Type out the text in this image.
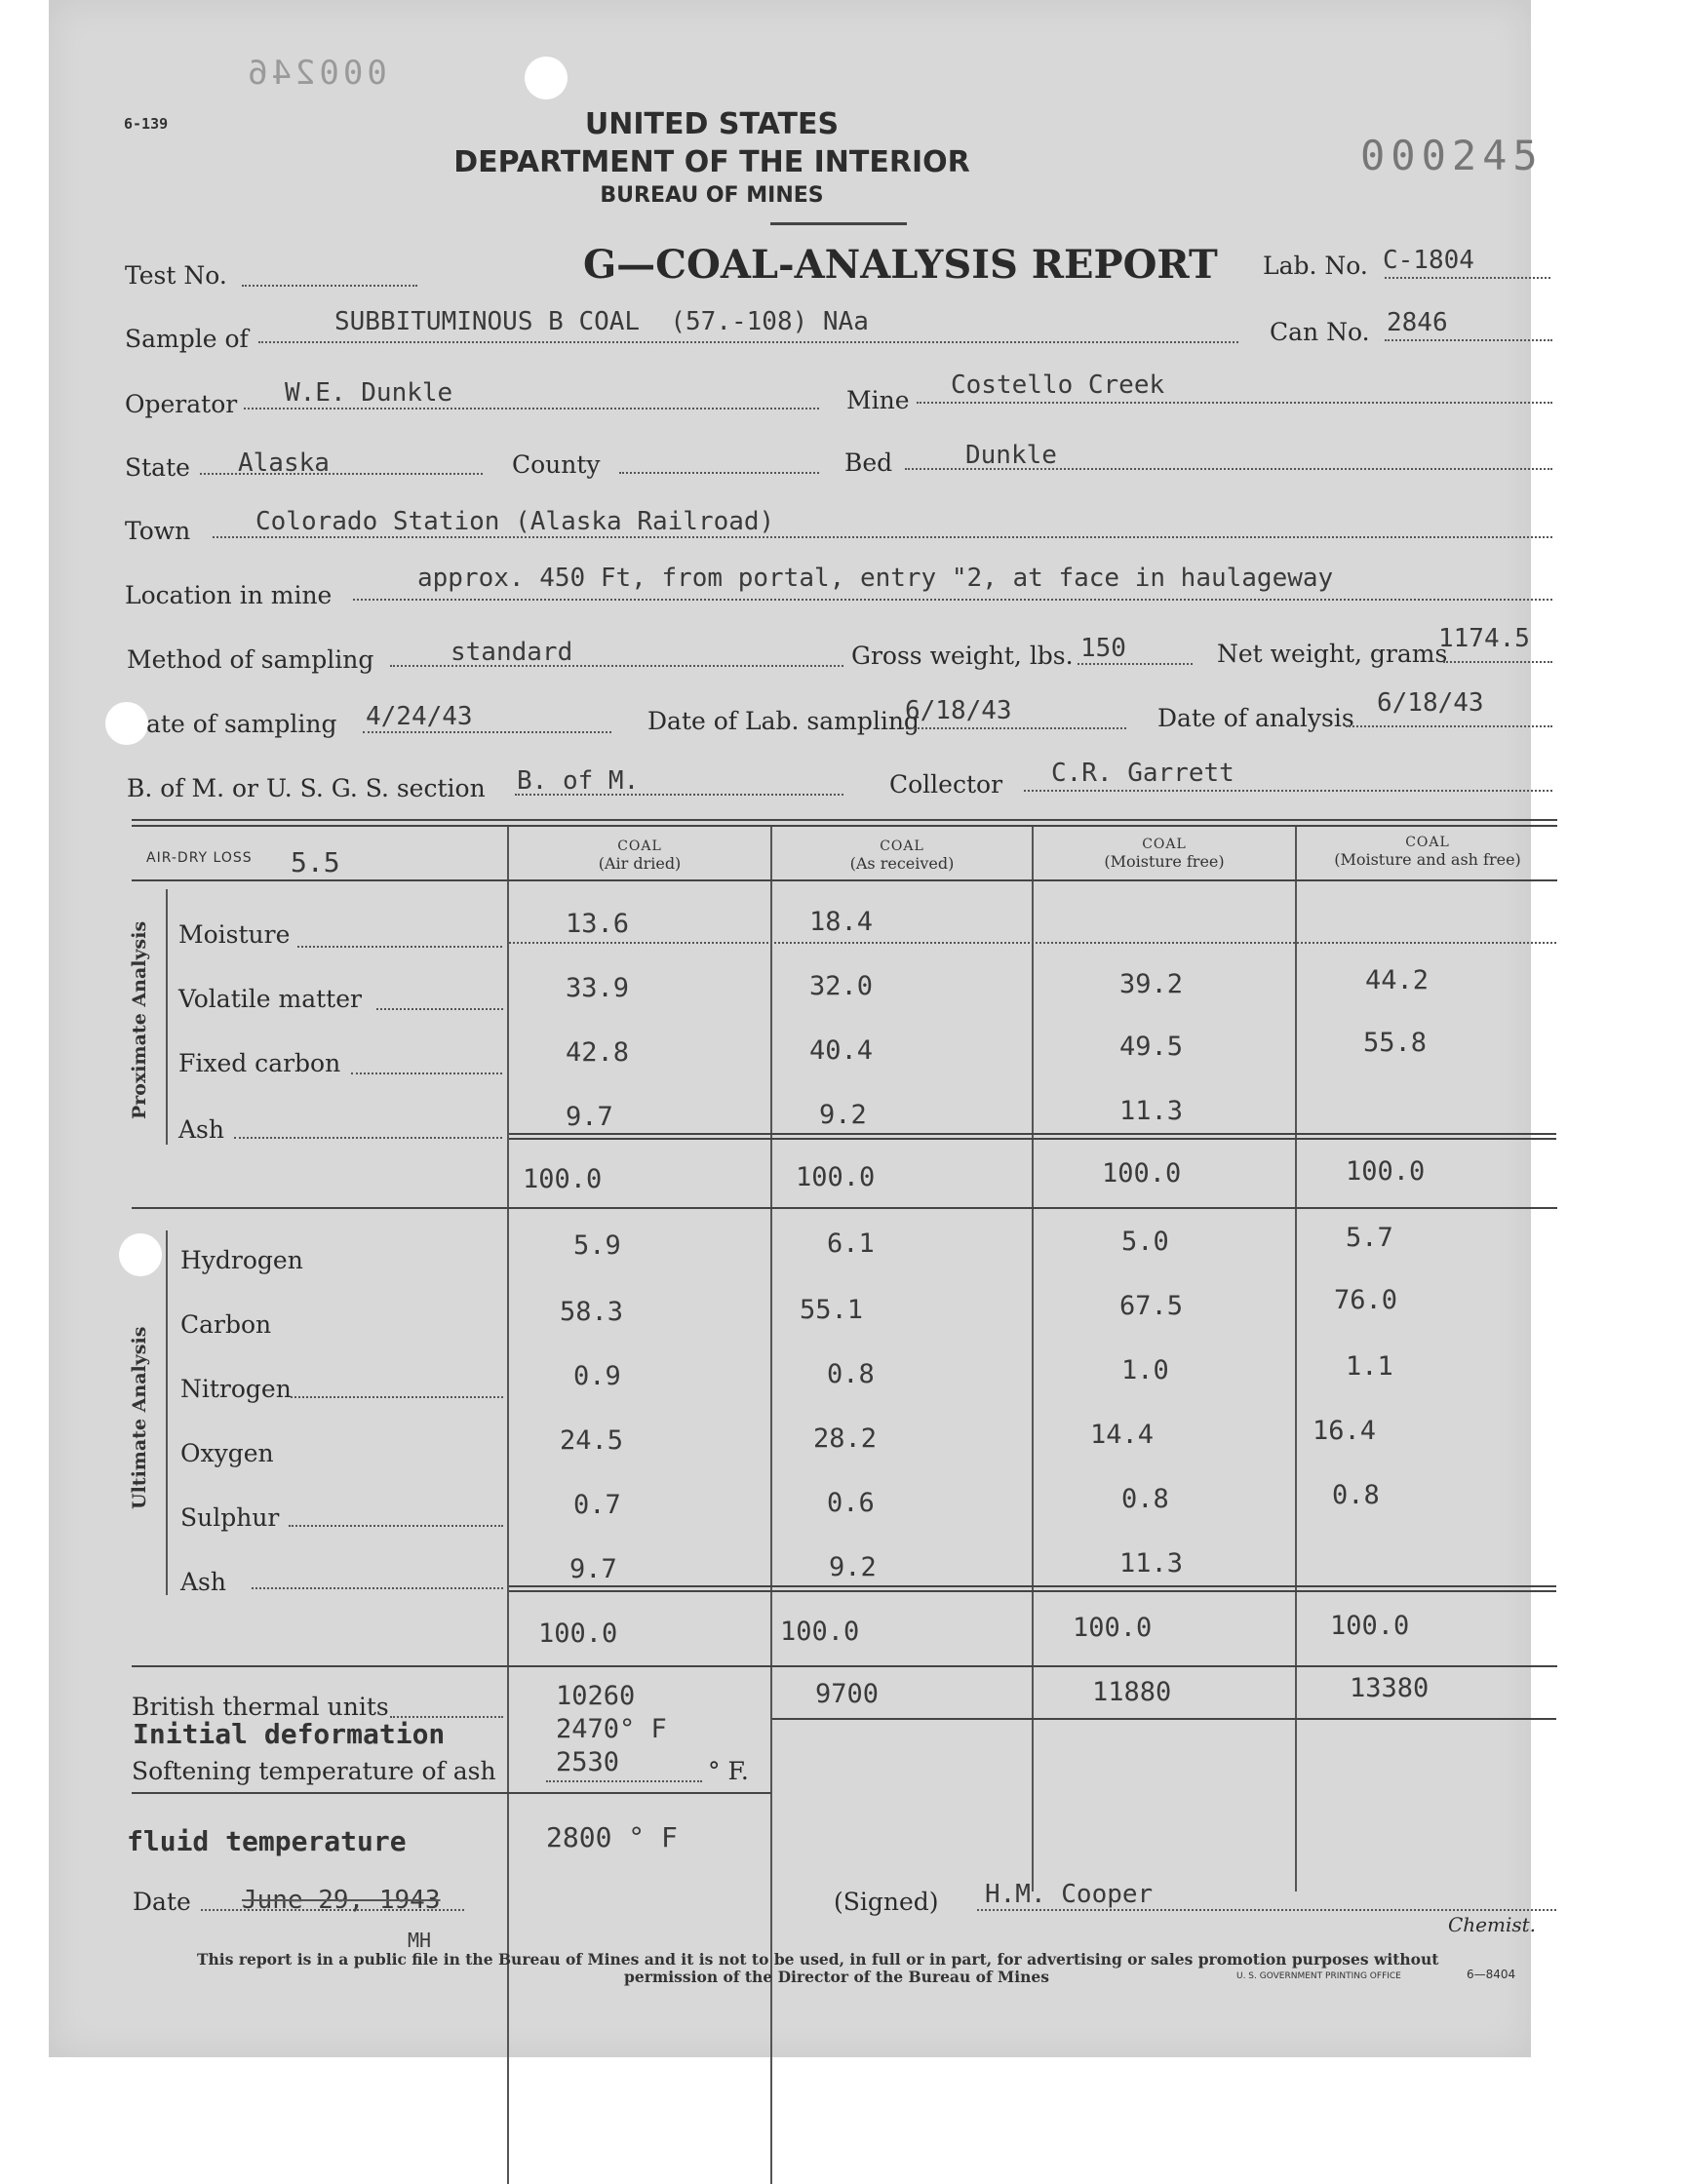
6-139
000246
000245
UNITED STATES
DEPARTMENT OF THE INTERIOR
BUREAU OF MINES
G—COAL-ANALYSIS REPORT
Test No.	Lab. No. C-1804
Sample of
SUBBITUMINOUS B COAL  (57.-108) NAa	Can No. 2846
Operator W.E. Dunkle	Mine
Costello Creek
State Alaska	County	Bed	Dunkle
Town	Colorado Station (Alaska Railroad)
Location in mine
approx. 450 Ft, from portal, entry "2, at face in haulageway
Method of sampling	standard	Gross weight, lbs. 150	Net weight, grams
1174.5
ate of sampling 4/24/43	Date of Lab. sampling
6/18/43	Date of analysis
6/18/43
B. of M. or U. S. G. S. section B. of M.	Collector C.R. Garrett
AIR-DRY LOSS 5.5	COAL
(Air dried)
COAL
(As received)
COAL
(Moisture free)
COAL
(Moisture and ash free)
Proximate Analysis
Ultimate Analysis
Moisture	13.6	18.4
Volatile matter	33.9	32.0	39.2	44.2
Fixed carbon	42.8	40.4	49.5	55.8
Ash	9.7	9.2	11.3
100.0	100.0	100.0	100.0
Hydrogen	5.9	6.1	5.0	5.7
Carbon	58.3	55.1	67.5	76.0
Nitrogen	0.9	0.8	1.0	1.1
Oxygen	24.5	28.2	14.4	16.4
Sulphur	0.7	0.6	0.8	0.8
Ash	9.7	9.2	11.3
100.0	100.0	100.0	100.0
British thermal units	10260	9700	11880	13380
Initial deformation	2470° F
Softening temperature of ash 2530	° F.
fluid temperature	2800 ° F
Date June 29, 1943
MH
(Signed) H.M. Cooper
Chemist.
This report is in a public file in the Bureau of Mines and it is not to be used, in full or in part, for advertising or sales promotion purposes without
permission of the Director of the Bureau of Mines	U. S. GOVERNMENT PRINTING OFFICE	6—8404
